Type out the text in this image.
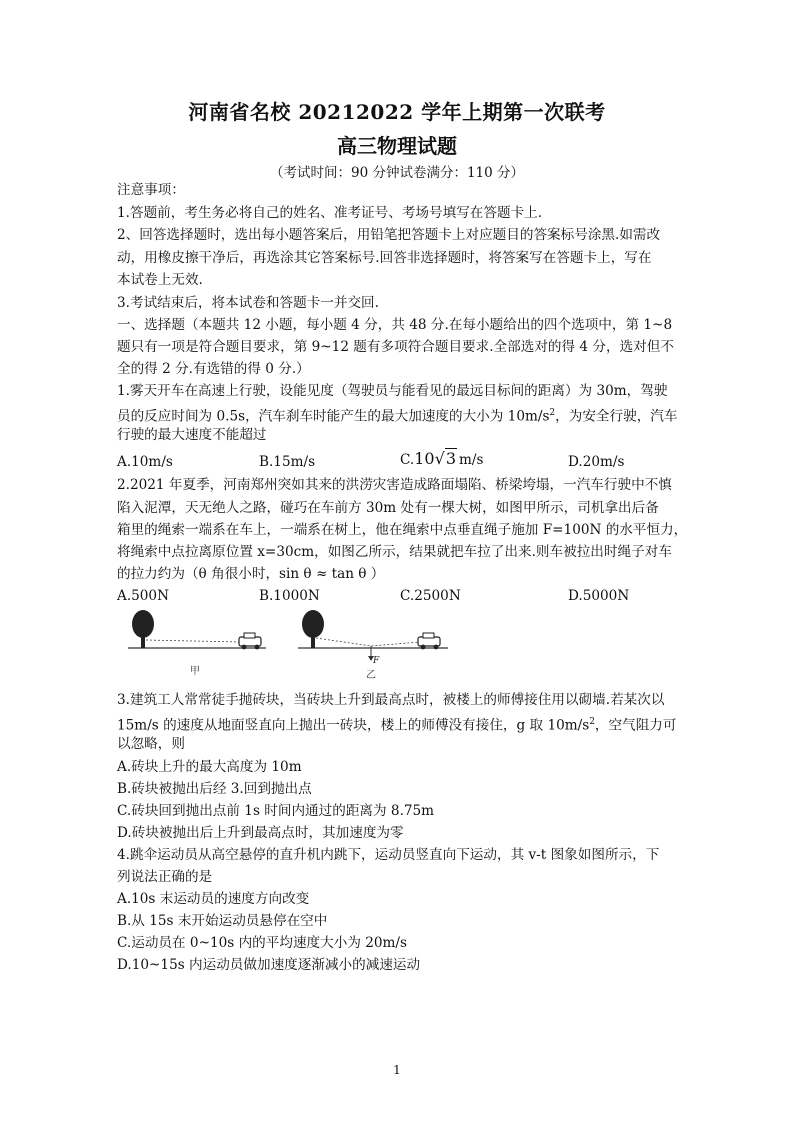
河南省名校 20212022 学年上期第一次联考
高三物理试题
（考试时间：90 分钟试卷满分：110 分）
注意事项：
1.答题前，考生务必将自己的姓名、准考证号、考场号填写在答题卡上.
2、回答选择题时，选出每小题答案后，用铅笔把答题卡上对应题目的答案标号涂黑.如需改
动，用橡皮擦干净后，再选涂其它答案标号.回答非选择题时，将答案写在答题卡上，写在
本试卷上无效.
3.考试结束后，将本试卷和答题卡一并交回.
一、选择题（本题共 12 小题，每小题 4 分，共 48 分.在每小题给出的四个选项中，第 1~8
题只有一项是符合题目要求，第 9~12 题有多项符合题目要求.全部选对的得 4 分，选对但不
全的得 2 分.有选错的得 0 分.）
1.雾天开车在高速上行驶，设能见度（驾驶员与能看见的最远目标间的距离）为 30m，驾驶
员的反应时间为 0.5s，汽车刹车时能产生的最大加速度的大小为 $10m/s^2$，为安全行驶，汽车
行驶的最大速度不能超过
A.10m/s	B.15m/s	C.10√3 m/s	D.20m/s
2.2021 年夏季，河南郑州突如其来的洪涝灾害造成路面塌陷、桥梁垮塌，一汽车行驶中不慎
陷入泥潭，天无绝人之路，碰巧在车前方 30m 处有一棵大树，如图甲所示，司机拿出后备
箱里的绳索一端系在车上，一端系在树上，他在绳索中点垂直绳子施加 F=100N 的水平恒力，
将绳索中点拉离原位置 x=30cm，如图乙所示，结果就把车拉了出来.则车被拉出时绳子对车
的拉力约为（θ 角很小时，sin θ ≈ tan θ ）
A.500N	B.1000N	C.2500N	D.5000N
甲
F
乙
3.建筑工人常常徒手抛砖块，当砖块上升到最高点时，被楼上的师傅接住用以砌墙.若某次以
15m/s 的速度从地面竖直向上抛出一砖块，楼上的师傅没有接住，g 取 $10m/s^2$，空气阻力可
以忽略，则
A.砖块上升的最大高度为 10m
B.砖块被抛出后经 3.回到抛出点
C.砖块回到抛出点前 1s 时间内通过的距离为 8.75m
D.砖块被抛出后上升到最高点时，其加速度为零
4.跳伞运动员从高空悬停的直升机内跳下，运动员竖直向下运动，其 v-t 图象如图所示，下
列说法正确的是
A.10s 末运动员的速度方向改变
B.从 15s 末开始运动员悬停在空中
C.运动员在 0~10s 内的平均速度大小为 20m/s
D.10~15s 内运动员做加速度逐渐减小的减速运动
1
